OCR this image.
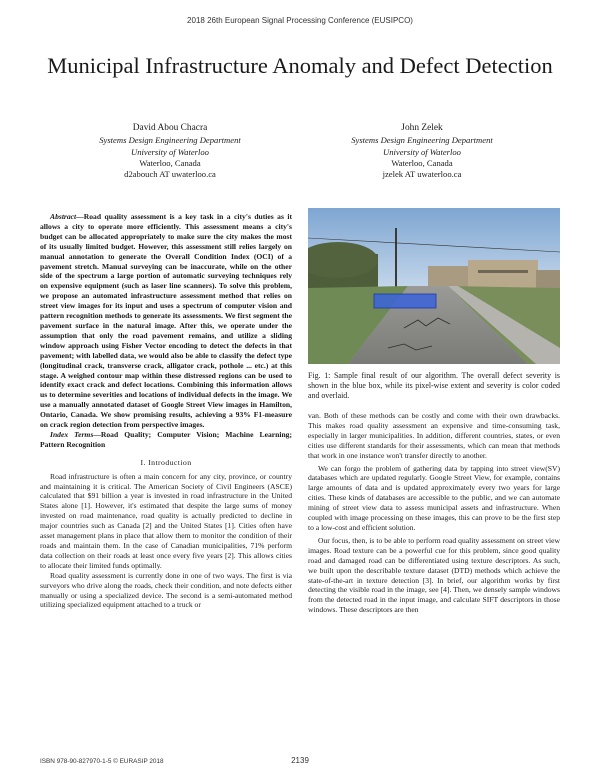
2018 26th European Signal Processing Conference (EUSIPCO)
Municipal Infrastructure Anomaly and Defect Detection
David Abou Chacra
Systems Design Engineering Department
University of Waterloo
Waterloo, Canada
d2abouch AT uwaterloo.ca
John Zelek
Systems Design Engineering Department
University of Waterloo
Waterloo, Canada
jzelek AT uwaterloo.ca

Abstract—Road quality assessment is a key task in a city's duties as it allows a city to operate more efficiently. This assessment means a city's budget can be allocated appropriately to make sure the city makes the most of its usually limited budget. However, this assessment still relies largely on manual annotation to generate the Overall Condition Index (OCI) of a pavement stretch. Manual surveying can be inaccurate, while on the other side of the spectrum a large portion of automatic surveying techniques rely on expensive equipment (such as laser line scanners). To solve this problem, we propose an automated infrastructure assessment method that relies on street view images for its input and uses a spectrum of computer vision and pattern recognition methods to generate its assessments. We first segment the pavement surface in the natural image. After this, we operate under the assumption that only the road pavement remains, and utilize a sliding window approach using Fisher Vector encoding to detect the defects in that pavement; with labelled data, we would also be able to classify the defect type (longitudinal crack, transverse crack, alligator crack, pothole ... etc.) at this stage. A weighed contour map within these distressed regions can be used to identify exact crack and defect locations. Combining this information allows us to determine severities and locations of individual defects in the image. We use a manually annotated dataset of Google Street View images in Hamilton, Ontario, Canada. We show promising results, achieving a 93% F1-measure on crack region detection from perspective images.

Index Terms—Road Quality; Computer Vision; Machine Learning; Pattern Recognition

I. Introduction

Road infrastructure is often a main concern for any city, province, or country and maintaining it is critical. The American Society of Civil Engineers (ASCE) calculated that $91 billion a year is invested in road infrastructure in the United States alone [1]. However, it's estimated that despite the large sums of money invested on road maintenance, road quality is actually predicted to decline in major countries such as Canada [2] and the United States [1]. Cities often have asset management plans in place that allow them to monitor the condition of their roads and maintain them. In the case of Canadian municipalities, 71% perform data collection on their roads at least once every five years [2]. This allows cities to allocate their limited funds optimally.

Road quality assessment is currently done in one of two ways. The first is via surveyors who drive along the roads, check their condition, and note defects either manually or using a specialized device. The second is a semi-automated method utilizing specialized equipment attached to a truck or

Fig. 1: Sample final result of our algorithm. The overall defect severity is shown in the blue box, while its pixel-wise extent and severity is color coded and overlaid.

van. Both of these methods can be costly and come with their own drawbacks. This makes road quality assessment an expensive and time-consuming task, especially in larger municipalities. In addition, different countries, states, or even cities use different standards for their assessments, which can mean that methods that work in one instance won't transfer directly to another.

We can forgo the problem of gathering data by tapping into street view(SV) databases which are updated regularly. Google Street View, for example, contains large amounts of data and is updated approximately every two years for large cities. These kinds of databases are accessible to the public, and we can automate mining of street view data to assess municipal assets and infrastructure. When coupled with image processing on these images, this can prove to be the first step to a low-cost and efficient solution.

Our focus, then, is to be able to perform road quality assessment on street view images. Road texture can be a powerful cue for this problem, since good quality road and damaged road can be differentiated using texture descriptors. As such, we built upon the describable texture dataset (DTD) methods which achieve the state-of-the-art in texture detection [3]. In brief, our algorithm works by first detecting the visible road in the image, see [4]. Then, we densely sample windows from the detected road in the input image, and calculate SIFT descriptors in those windows. These descriptors are then

ISBN 978-90-827970-1-5 © EURASIP 2018	2139
